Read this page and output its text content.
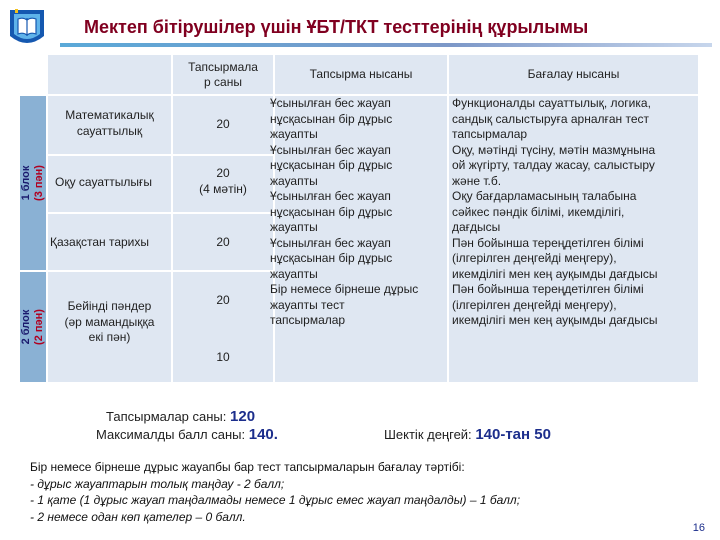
Мектеп бітірушілер үшін ҰБТ/ТКТ тесттерінің құрылымы
Тапсырмала
р саны
Тапсырма нысаны	Бағалау нысаны
1 блок (3 пән)
2 блок (2 пән)
Математикалық
сауаттылық
Оқу сауаттылығы
Қазақстан тарихы
Бейінді пәндер
(әр мамандыққа
екі пән)
20
20
(4 мәтін)
20
20
10
Ұсынылған бес жауап
нұсқасынан бір дұрыс
жауапты
Ұсынылған бес жауап
нұсқасынан бір дұрыс
жауапты
Ұсынылған бес жауап
нұсқасынан бір дұрыс
жауапты
Ұсынылған бес жауап
нұсқасынан бір дұрыс
жауапты
Бір немесе бірнеше дұрыс
жауапты тест
тапсырмалар
Функционалды сауаттылық, логика,
сандық салыстыруға арналған тест
тапсырмалар
Оқу, мәтінді түсіну, мәтін мазмұнына
ой жүгірту, талдау жасау, салыстыру
және т.б.
Оқу бағдарламасының талабына
сәйкес пәндік білімі, икемділігі,
дағдысы
Пән бойынша тереңдетілген білімі
(ілгерілген деңгейді меңгеру),
икемділігі мен кең ауқымды дағдысы
Пән бойынша тереңдетілген білімі
(ілгерілген деңгейді меңгеру),
икемділігі мен кең ауқымды дағдысы
Тапсырмалар саны: 120
Максималды балл саны: 140.	Шектік деңгей: 140-тан 50
Бір немесе бірнеше дұрыс жауапбы бар тест тапсырмаларын бағалау тәртібі:
- дұрыс жауаптарын толық таңдау - 2 балл;
- 1 қате (1 дұрыс жауап таңдалмады немесе 1 дұрыс емес жауап таңдалды) – 1 балл;
- 2 немесе одан көп қателер – 0 балл.
16
